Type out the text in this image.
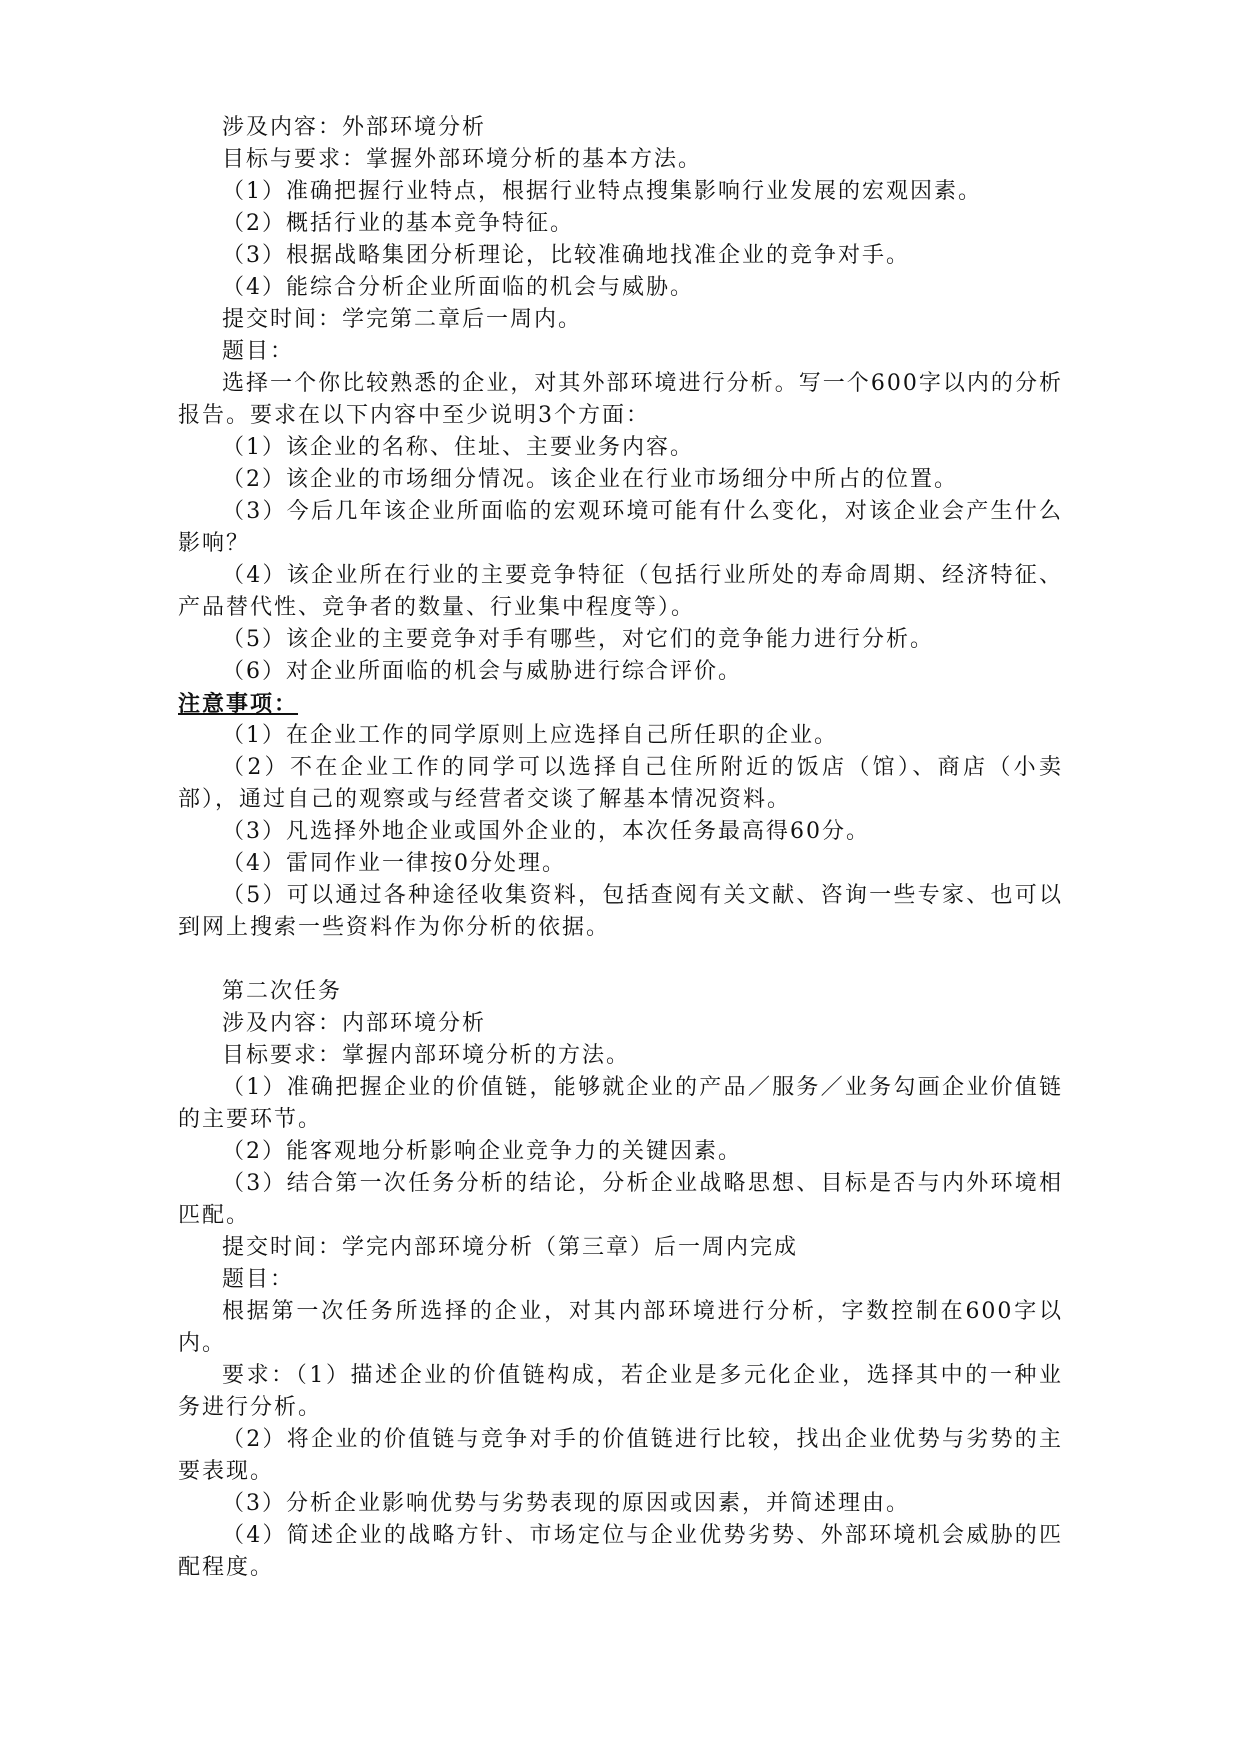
涉及内容：外部环境分析

目标与要求：掌握外部环境分析的基本方法。

（1）准确把握行业特点，根据行业特点搜集影响行业发展的宏观因素。

（2）概括行业的基本竞争特征。

（3）根据战略集团分析理论，比较准确地找准企业的竞争对手。

（4）能综合分析企业所面临的机会与威胁。

提交时间：学完第二章后一周内。

题目：

选择一个你比较熟悉的企业，对其外部环境进行分析。写一个600字以内的分析报告。要求在以下内容中至少说明3个方面：

（1）该企业的名称、住址、主要业务内容。

（2）该企业的市场细分情况。该企业在行业市场细分中所占的位置。

（3）今后几年该企业所面临的宏观环境可能有什么变化，对该企业会产生什么影响？

（4）该企业所在行业的主要竞争特征（包括行业所处的寿命周期、经济特征、产品替代性、竞争者的数量、行业集中程度等）。

（5）该企业的主要竞争对手有哪些，对它们的竞争能力进行分析。

（6）对企业所面临的机会与威胁进行综合评价。

注意事项：

（1）在企业工作的同学原则上应选择自己所任职的企业。

（2）不在企业工作的同学可以选择自己住所附近的饭店（馆）、商店（小卖部），通过自己的观察或与经营者交谈了解基本情况资料。

（3）凡选择外地企业或国外企业的，本次任务最高得60分。

（4）雷同作业一律按0分处理。

（5）可以通过各种途径收集资料，包括查阅有关文献、咨询一些专家、也可以到网上搜索一些资料作为你分析的依据。

第二次任务

涉及内容：内部环境分析

目标要求：掌握内部环境分析的方法。

（1）准确把握企业的价值链，能够就企业的产品／服务／业务勾画企业价值链的主要环节。

（2）能客观地分析影响企业竞争力的关键因素。

（3）结合第一次任务分析的结论，分析企业战略思想、目标是否与内外环境相匹配。

提交时间：学完内部环境分析（第三章）后一周内完成

题目：

根据第一次任务所选择的企业，对其内部环境进行分析，字数控制在600字以内。

要求：（1）描述企业的价值链构成，若企业是多元化企业，选择其中的一种业务进行分析。

（2）将企业的价值链与竞争对手的价值链进行比较，找出企业优势与劣势的主要表现。

（3）分析企业影响优势与劣势表现的原因或因素，并简述理由。

（4）简述企业的战略方针、市场定位与企业优势劣势、外部环境机会威胁的匹配程度。
